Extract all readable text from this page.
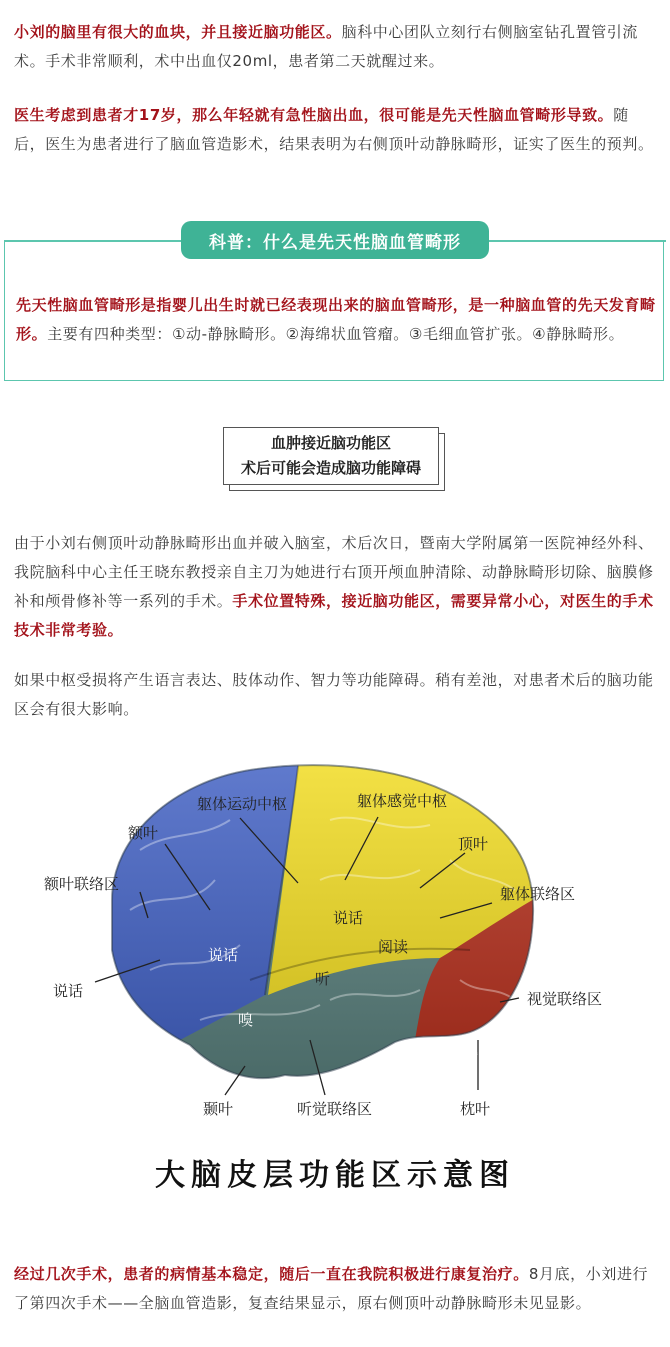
小刘的脑里有很大的血块，并且接近脑功能区。脑科中心团队立刻行右侧脑室钻孔置管引流术。手术非常顺利，术中出血仅20ml，患者第二天就醒过来。

医生考虑到患者才17岁，那么年轻就有急性脑出血，很可能是先天性脑血管畸形导致。随后，医生为患者进行了脑血管造影术，结果表明为右侧顶叶动静脉畸形，证实了医生的预判。

科普：什么是先天性脑血管畸形

先天性脑血管畸形是指婴儿出生时就已经表现出来的脑血管畸形，是一种脑血管的先天发育畸形。主要有四种类型：①动-静脉畸形。②海绵状血管瘤。③毛细血管扩张。④静脉畸形。

血肿接近脑功能区
术后可能会造成脑功能障碍

由于小刘右侧顶叶动静脉畸形出血并破入脑室，术后次日，暨南大学附属第一医院神经外科、我院脑科中心主任王晓东教授亲自主刀为她进行右顶开颅血肿清除、动静脉畸形切除、脑膜修补和颅骨修补等一系列的手术。手术位置特殊，接近脑功能区，需要异常小心，对医生的手术技术非常考验。

如果中枢受损将产生语言表达、肢体动作、智力等功能障碍。稍有差池，对患者术后的脑功能区会有很大影响。

躯体运动中枢	躯体感觉中枢
额叶
顶叶
额叶联络区
躯体联络区
说话	视觉联络区
颞叶	听觉联络区	枕叶
说话
说话
阅读
听
嗅
视
大脑皮层功能区示意图

经过几次手术，患者的病情基本稳定，随后一直在我院积极进行康复治疗。8月底，小刘进行了第四次手术——全脑血管造影，复查结果显示，原右侧顶叶动静脉畸形未见显影。
